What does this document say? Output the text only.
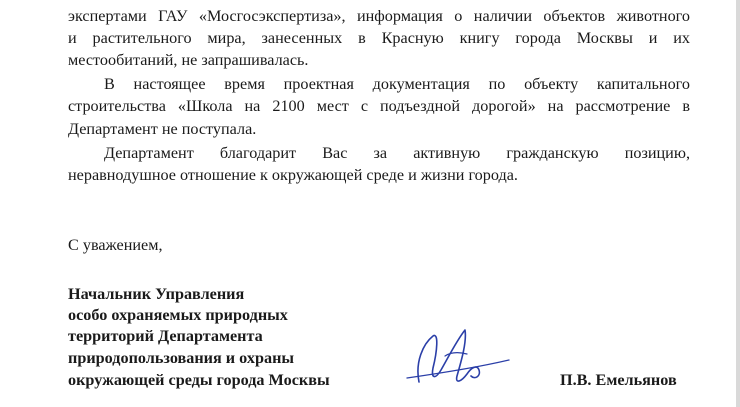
экспертами ГАУ «Мосгосэкспертиза», информация о наличии объектов животного
и растительного мира, занесенных в Красную книгу города Москвы и их
местообитаний, не запрашивалась.
В настоящее время проектная документация по объекту капитального
строительства «Школа на 2100 мест с подъездной дорогой» на рассмотрение в
Департамент не поступала.
Департамент благодарит Вас за активную гражданскую позицию,
неравнодушное отношение к окружающей среде и жизни города.
С уважением,
Начальник Управления
особо охраняемых природных
территорий Департамента
природопользования и охраны
окружающей среды города Москвы	П.В. Емельянов
